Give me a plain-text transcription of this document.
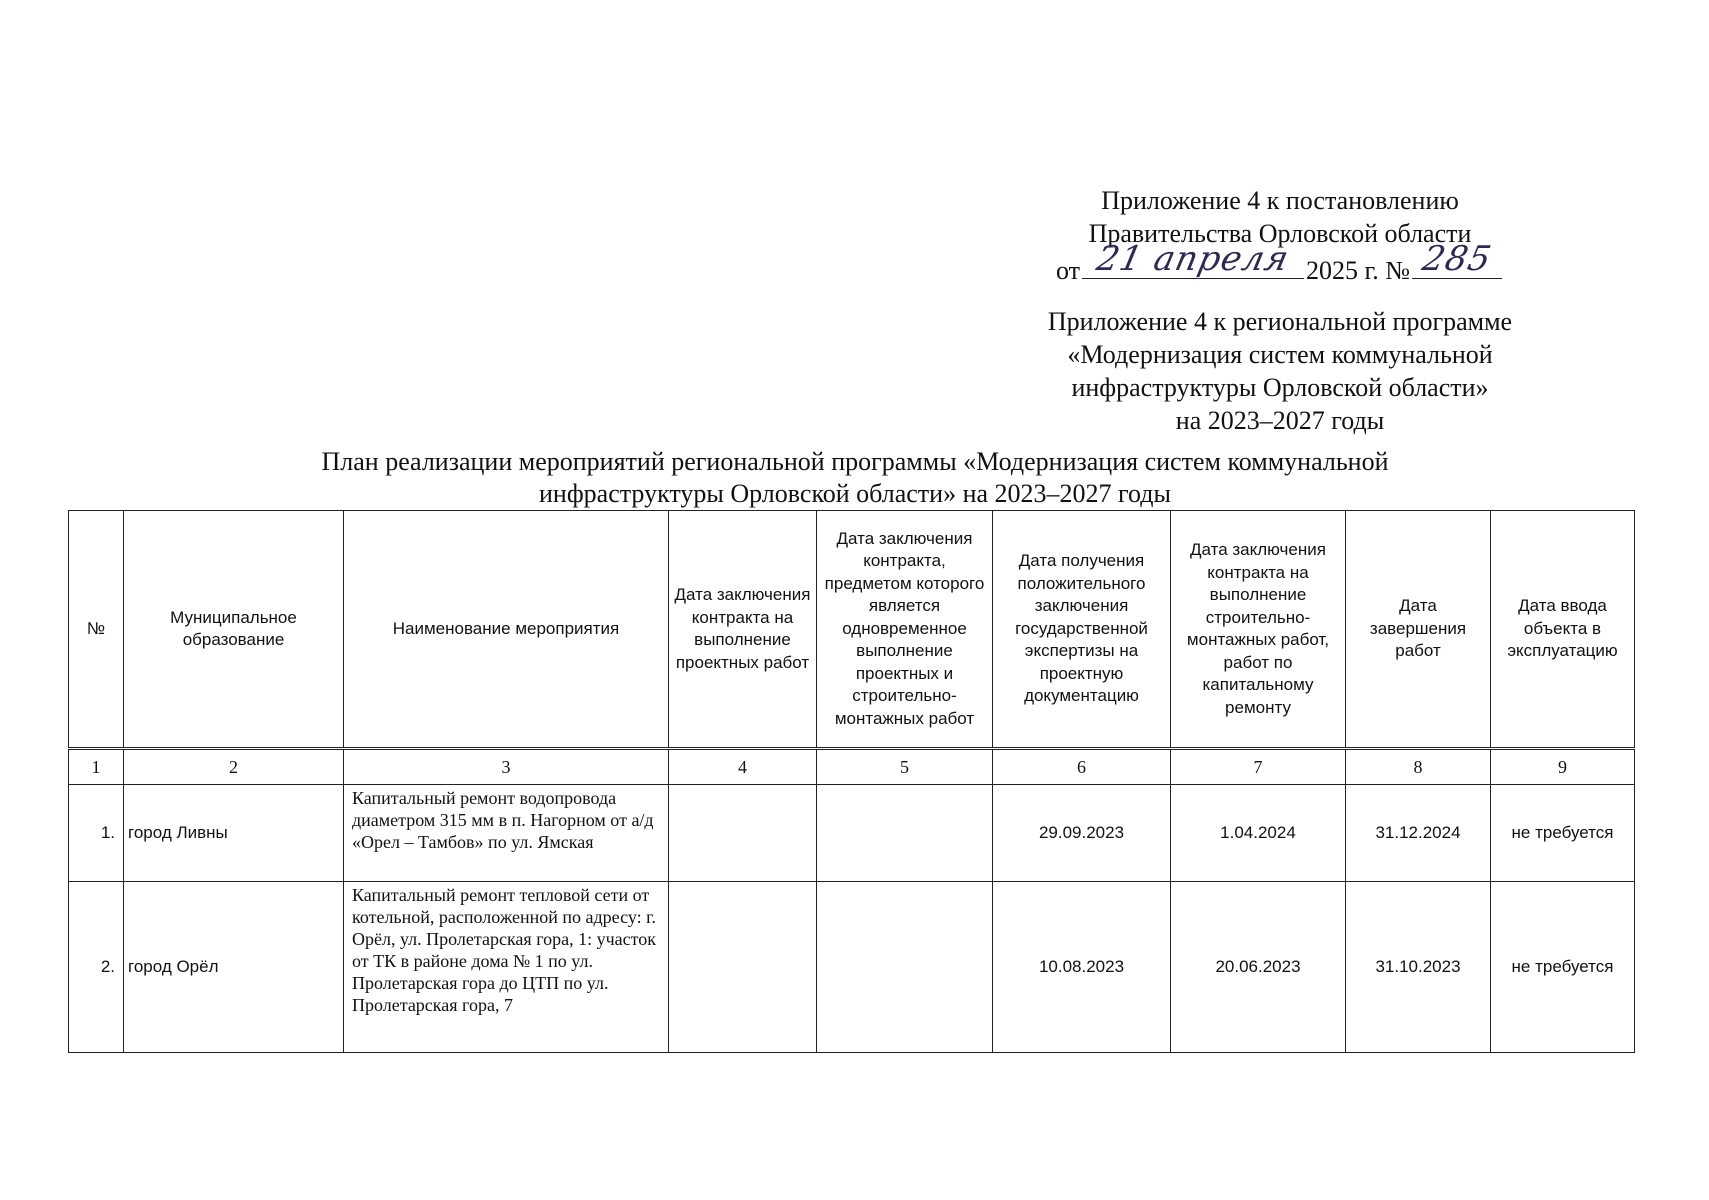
Приложение 4 к постановлению
Правительства Орловской области
от 21 апреля 2025 г. № 285
Приложение 4 к региональной программе
«Модернизация систем коммунальной
инфраструктуры Орловской области»
на 2023–2027 годы
План реализации мероприятий региональной программы «Модернизация систем коммунальной
инфраструктуры Орловской области» на 2023–2027 годы
№	Муниципальное образование	Наименование мероприятия	Дата заключения контракта на выполнение проектных работ	Дата заключения контракта, предметом которого является одновременное выполнение проектных и строительно-монтажных работ	Дата получения положительного заключения государственной экспертизы на проектную документацию	Дата заключения контракта на выполнение строительно-монтажных работ, работ по капитальному ремонту	Дата завершения работ	Дата ввода объекта в эксплуатацию
1	2	3	4	5	6	7	8	9
1.	город Ливны	Капитальный ремонт водопровода диаметром 315 мм в п. Нагорном от а/д «Орел – Тамбов» по ул. Ямская			29.09.2023	1.04.2024	31.12.2024	не требуется
2.	город Орёл	Капитальный ремонт тепловой сети от котельной, расположенной по адресу: г. Орёл, ул. Пролетарская гора, 1: участок от ТК в районе дома № 1 по ул. Пролетарская гора до ЦТП по ул. Пролетарская гора, 7			10.08.2023	20.06.2023	31.10.2023	не требуется
